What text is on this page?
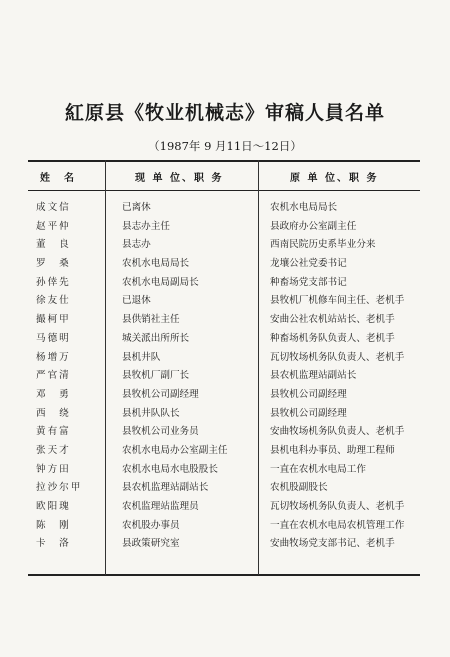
紅原县《牧业机械志》审稿人員名单
（1987年 9 月11日～12日）
姓　名	现 单 位、职 务	原 单 位、职 务
成文信	已离休	农机水电局局长
赵平仲	县志办主任	县政府办公室副主任
董　良	县志办	西南民院历史系毕业分来
罗　桑	农机水电局局长	龙壤公社党委书记
孙倖先	农机水电局副局长	种畜场党支部书记
徐友仕	已退休	县牧机厂机修车间主任、老机手
撮柯甲	县供销社主任	安曲公社农机站站长、老机手
马德明	城关派出所所长	种畜场机务队负责人、老机手
杨增万	县机井队	瓦切牧场机务队负责人、老机手
严官清	县牧机厂副厂长	县农机监理站副站长
邓　勇	县牧机公司副经理	县牧机公司副经理
西　绕	县机井队队长	县牧机公司副经理
黄有富	县牧机公司业务员	安曲牧场机务队负责人、老机手
张天才	农机水电局办公室副主任	县机电科办事员、助理工程师
钟方田	农机水电局水电股股长	一直在农机水电局工作
拉沙尔甲	县农机监理站副站长	农机股副股长
欧阳瑰	农机监理站监理员	瓦切牧场机务队负责人、老机手
陈　刚	农机股办事员	一直在农机水电局农机管理工作
卡　洛	县政策研究室	安曲牧场党支部书记、老机手
